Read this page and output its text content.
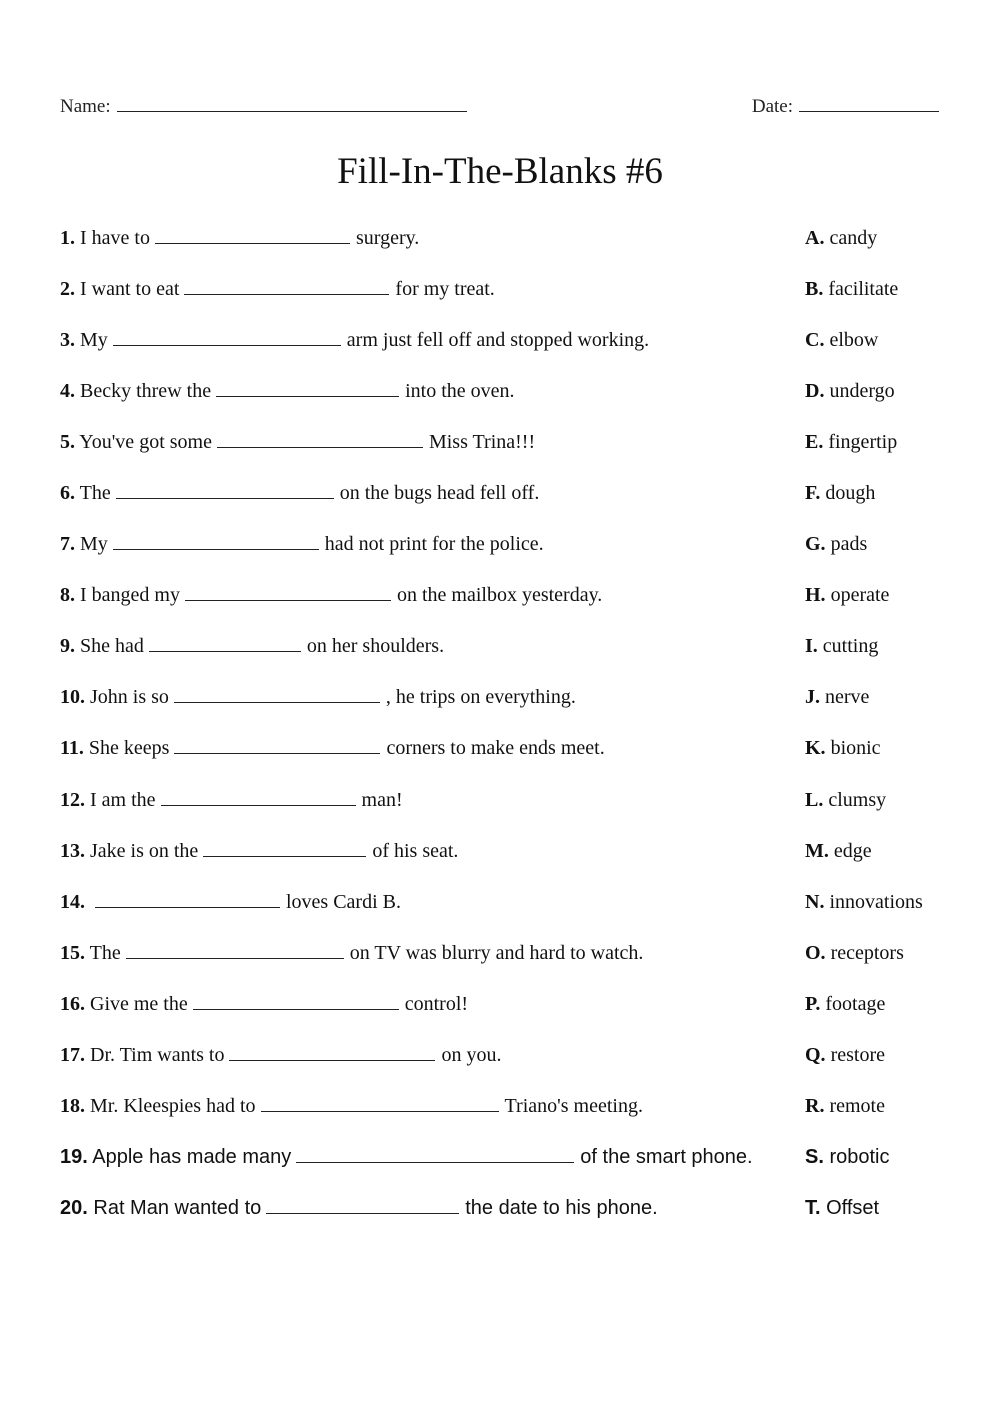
Name:	Date:
Fill-In-The-Blanks #6
1. I have to	surgery.	A. candy
2. I want to eat	for my treat.	B. facilitate
3. My	arm just fell off and stopped working.	C. elbow
4. Becky threw the	into the oven.	D. undergo
5. You've got some	Miss Trina!!!	E. fingertip
6. The	on the bugs head fell off.	F. dough
7. My	had not print for the police.	G. pads
8. I banged my	on the mailbox yesterday.	H. operate
9. She had	on her shoulders.	I. cutting
10. John is so	, he trips on everything.	J. nerve
11. She keeps	corners to make ends meet.	K. bionic
12. I am the	man!	L. clumsy
13. Jake is on the	of his seat.	M. edge
14.	loves Cardi B.	N. innovations
15. The	on TV was blurry and hard to watch.	O. receptors
16. Give me the	control!	P. footage
17. Dr. Tim wants to	on you.	Q. restore
18. Mr. Kleespies had to	Triano's meeting.	R. remote
19. Apple has made many	of the smart phone.	S. robotic
20. Rat Man wanted to	the date to his phone.	T. Offset
